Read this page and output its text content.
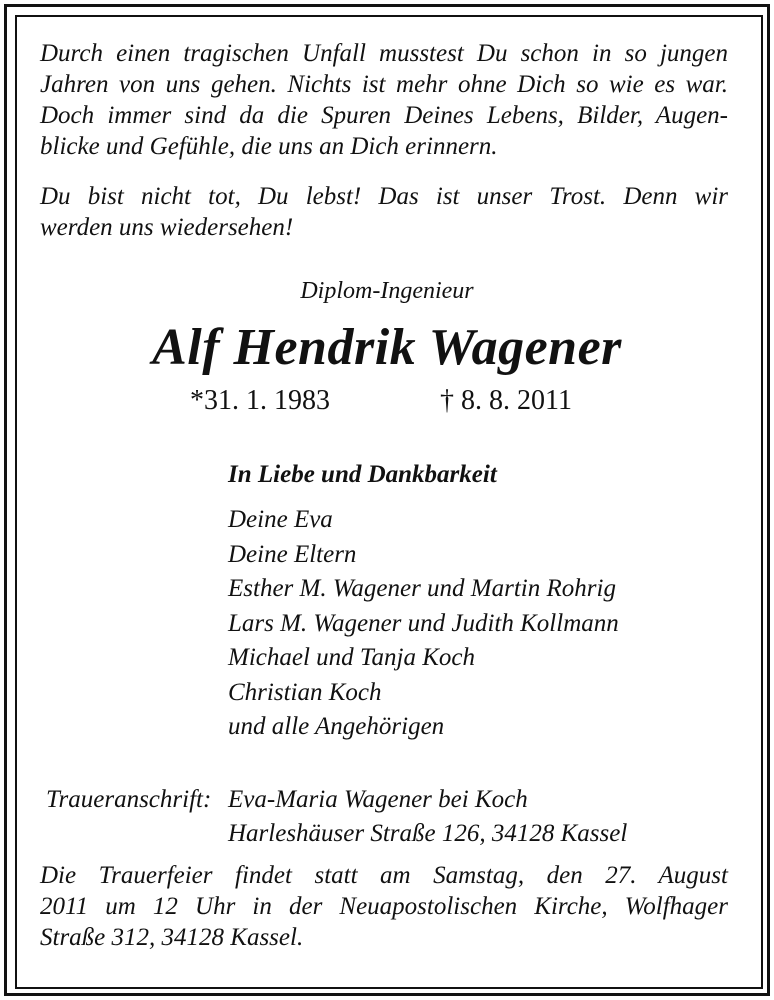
Durch einen tragischen Unfall musstest Du schon in so jungen
Jahren von uns gehen. Nichts ist mehr ohne Dich so wie es war.
Doch immer sind da die Spuren Deines Lebens, Bilder, Augen-
blicke und Gefühle, die uns an Dich erinnern.
Du bist nicht tot, Du lebst! Das ist unser Trost. Denn wir
werden uns wiedersehen!
Diplom-Ingenieur
Alf Hendrik Wagener
*31. 1. 1983	† 8. 8. 2011
In Liebe und Dankbarkeit
Deine Eva
Deine Eltern
Esther M. Wagener und Martin Rohrig
Lars M. Wagener und Judith Kollmann
Michael und Tanja Koch
Christian Koch
und alle Angehörigen
Traueranschrift: Eva-Maria Wagener bei Koch
Harleshäuser Straße 126, 34128 Kassel
Die Trauerfeier findet statt am Samstag, den 27. August
2011 um 12 Uhr in der Neuapostolischen Kirche, Wolfhager
Straße 312, 34128 Kassel.
